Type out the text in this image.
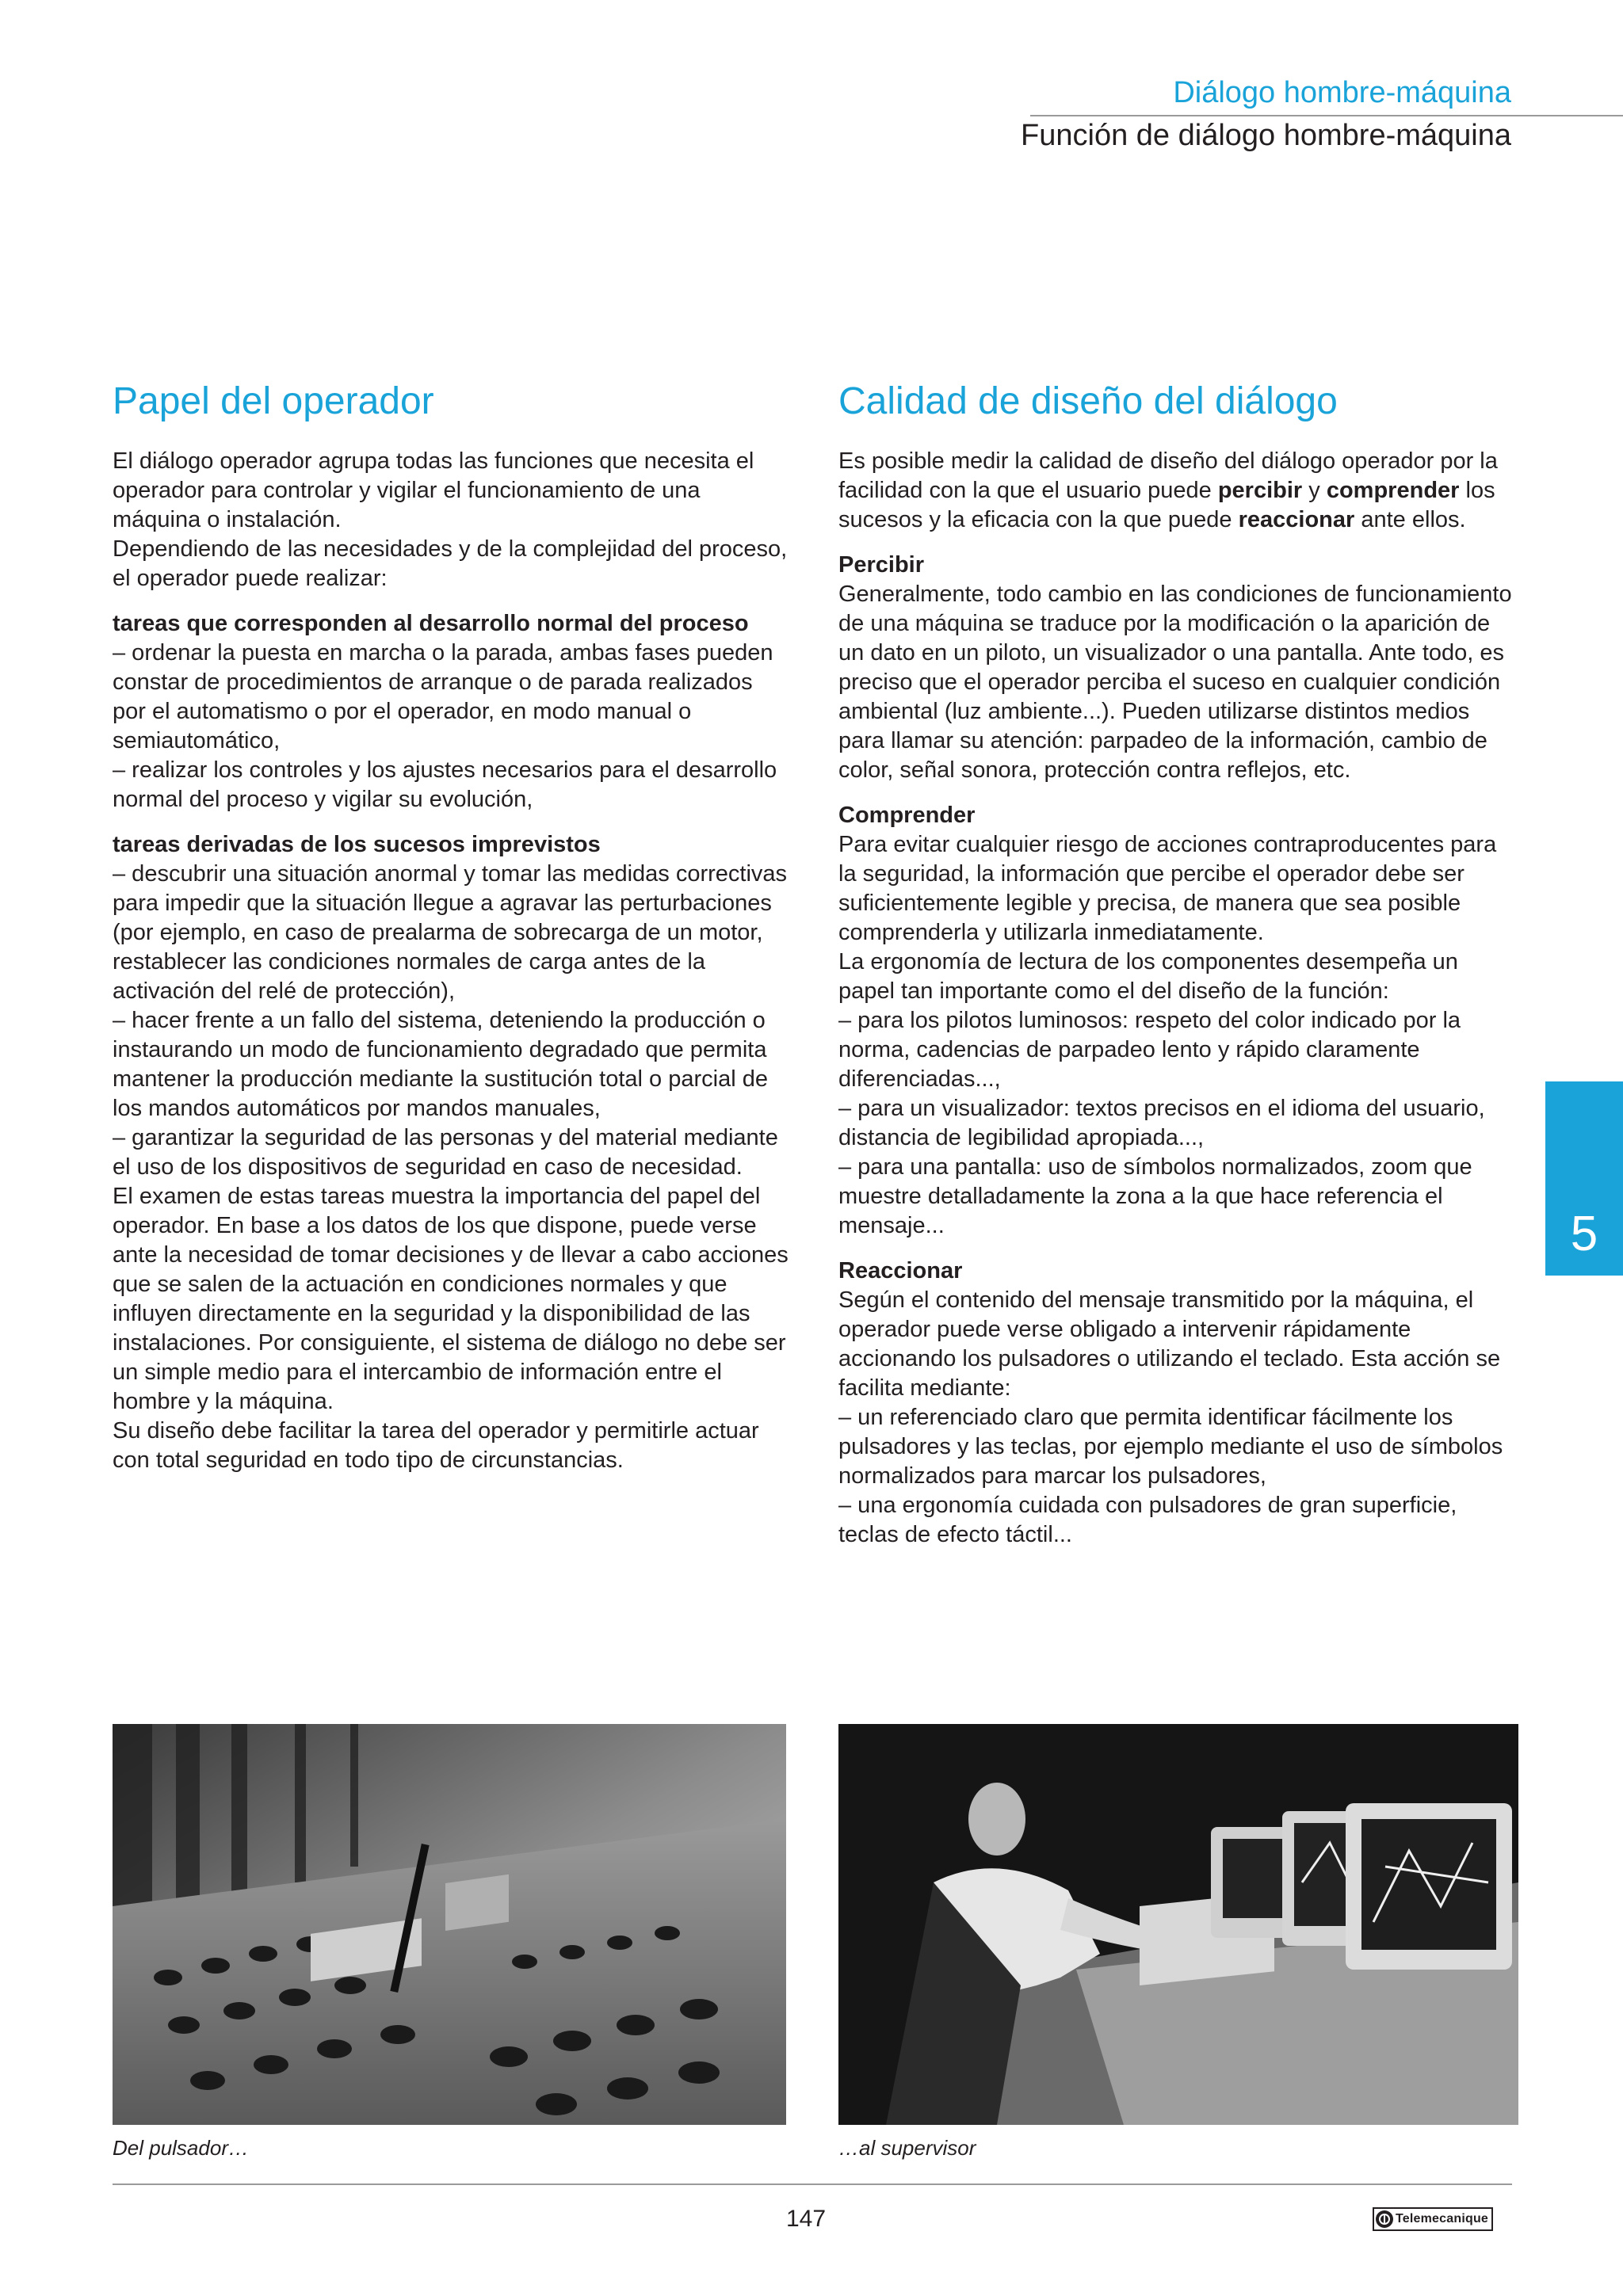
Diálogo hombre-máquina
Función de diálogo hombre-máquina
Papel del operador

El diálogo operador agrupa todas las funciones que necesita el operador para controlar y vigilar el funcionamiento de una máquina o instalación.

Dependiendo de las necesidades y de la complejidad del proceso, el operador puede realizar:

tareas que corresponden al desarrollo normal del proceso

– ordenar la puesta en marcha o la parada, ambas fases pueden constar de procedimientos de arranque o de parada realizados por el automatismo o por el operador, en modo manual o semiautomático,

– realizar los controles y los ajustes necesarios para el desarrollo normal del proceso y vigilar su evolución,

tareas derivadas de los sucesos imprevistos

– descubrir una situación anormal y tomar las medidas correctivas para impedir que la situación llegue a agravar las perturbaciones (por ejemplo, en caso de prealarma de sobrecarga de un motor, restablecer las condiciones normales de carga antes de la activación del relé de protección),

– hacer frente a un fallo del sistema, deteniendo la producción o instaurando un modo de funcionamiento degradado que permita mantener la producción mediante la sustitución total o parcial de los mandos automáticos por mandos manuales,

– garantizar la seguridad de las personas y del material mediante el uso de los dispositivos de seguridad en caso de necesidad.

El examen de estas tareas muestra la importancia del papel del operador. En base a los datos de los que dispone, puede verse ante la necesidad de tomar decisiones y de llevar a cabo acciones que se salen de la actuación en condiciones normales y que influyen directamente en la seguridad y la disponibilidad de las instalaciones. Por consiguiente, el sistema de diálogo no debe ser un simple medio para el intercambio de información entre el hombre y la máquina.

Su diseño debe facilitar la tarea del operador y permitirle actuar con total seguridad en todo tipo de circunstancias.

Calidad de diseño del diálogo

Es posible medir la calidad de diseño del diálogo operador por la facilidad con la que el usuario puede percibir y comprender los sucesos y la eficacia con la que puede reaccionar ante ellos.

Percibir

Generalmente, todo cambio en las condiciones de funcionamiento de una máquina se traduce por la modificación o la aparición de un dato en un piloto, un visualizador o una pantalla. Ante todo, es preciso que el operador perciba el suceso en cualquier condición ambiental (luz ambiente...). Pueden utilizarse distintos medios para llamar su atención: parpadeo de la información, cambio de color, señal sonora, protección contra reflejos, etc.

Comprender

Para evitar cualquier riesgo de acciones contraproducentes para la seguridad, la información que percibe el operador debe ser suficientemente legible y precisa, de manera que sea posible comprenderla y utilizarla inmediatamente.

La ergonomía de lectura de los componentes desempeña un papel tan importante como el del diseño de la función:

– para los pilotos luminosos: respeto del color indicado por la norma, cadencias de parpadeo lento y rápido claramente diferenciadas...,

– para un visualizador: textos precisos en el idioma del usuario, distancia de legibilidad apropiada...,

– para una pantalla: uso de símbolos normalizados, zoom que muestre detalladamente la zona a la que hace referencia el mensaje...

Reaccionar

Según el contenido del mensaje transmitido por la máquina, el operador puede verse obligado a intervenir rápidamente accionando los pulsadores o utilizando el teclado. Esta acción se facilita mediante:

– un referenciado claro que permita identificar fácilmente los pulsadores y las teclas, por ejemplo mediante el uso de símbolos normalizados para marcar los pulsadores,

– una ergonomía cuidada con pulsadores de gran superficie, teclas de efecto táctil...

5
Del pulsador…	…al supervisor
147	Telemecanique
